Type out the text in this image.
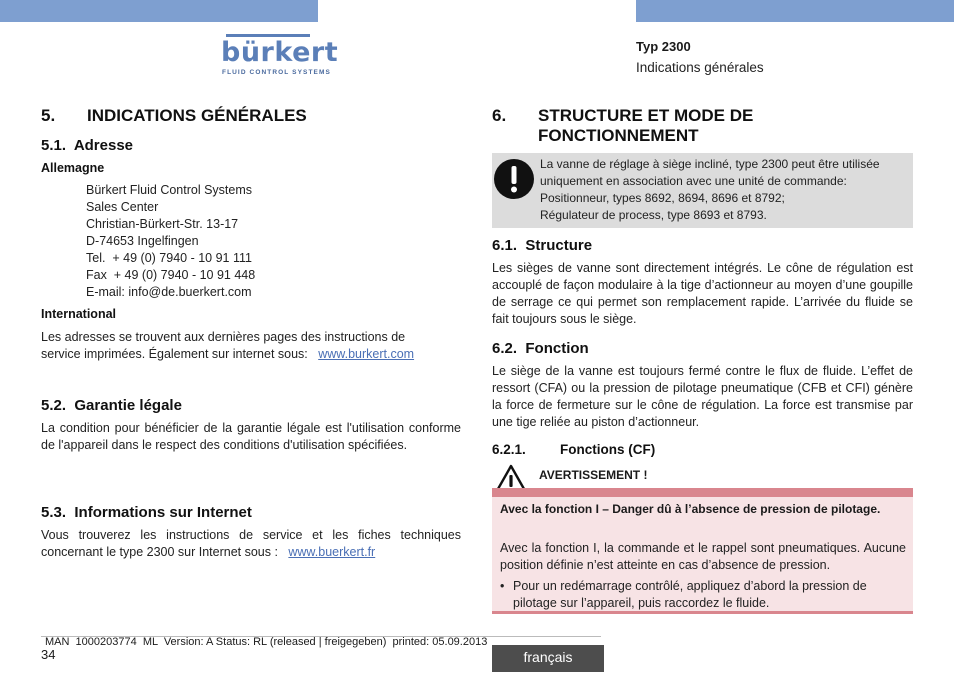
bürkert
FLUID CONTROL SYSTEMS
Typ 2300
Indications générales
5. INDICATIONS GÉNÉRALES
5.1. Adresse
Allemagne
Bürkert Fluid Control Systems
Sales Center
Christian-Bürkert-Str. 13-17
D-74653 Ingelfingen
Tel.  + 49 (0) 7940 - 10 91 111
Fax  + 49 (0) 7940 - 10 91 448
E-mail: info@de.buerkert.com
International
Les adresses se trouvent aux dernières pages des instructions de
service imprimées. Également sur internet sous: www.burkert.com
5.2. Garantie légale
La condition pour bénéficier de la garantie légale est l'utilisation conforme de l'appareil dans le respect des conditions d'utilisation spécifiées.
5.3. Informations sur Internet
Vous trouverez les instructions de service et les fiches techniques
concernant le type 2300 sur Internet sous : www.buerkert.fr
6. STRUCTURE ET MODE DE
FONCTIONNEMENT
La vanne de réglage à siège incliné, type 2300 peut être utilisée
uniquement en association avec une unité de commande:
Positionneur, types 8692, 8694, 8696 et 8792;
Régulateur de process, type 8693 et 8793.
6.1. Structure
Les sièges de vanne sont directement intégrés. Le cône de régulation est accouplé de façon modulaire à la tige d’actionneur au moyen d’une goupille de serrage ce qui permet son remplacement rapide. L’arrivée du fluide se fait toujours sous le siège.
6.2. Fonction
Le siège de la vanne est toujours fermé contre le flux de fluide. L’effet de ressort (CFA) ou la pression de pilotage pneumatique (CFB et CFI) génère la force de fermeture sur le cône de régulation. La force est transmise par une tige reliée au piston d’actionneur.
6.2.1.	Fonctions (CF)
AVERTISSEMENT !
Avec la fonction I – Danger dû à l’absence de pression de pilotage.
Avec la fonction I, la commande et le rappel sont pneumatiques. Aucune position définie n’est atteinte en cas d’absence de pression.
• Pour un redémarrage contrôlé, appliquez d’abord la pression de pilotage sur l’appareil, puis raccordez le fluide.
MAN  1000203774  ML  Version: A Status: RL (released | freigegeben)  printed: 05.09.2013
34	français
